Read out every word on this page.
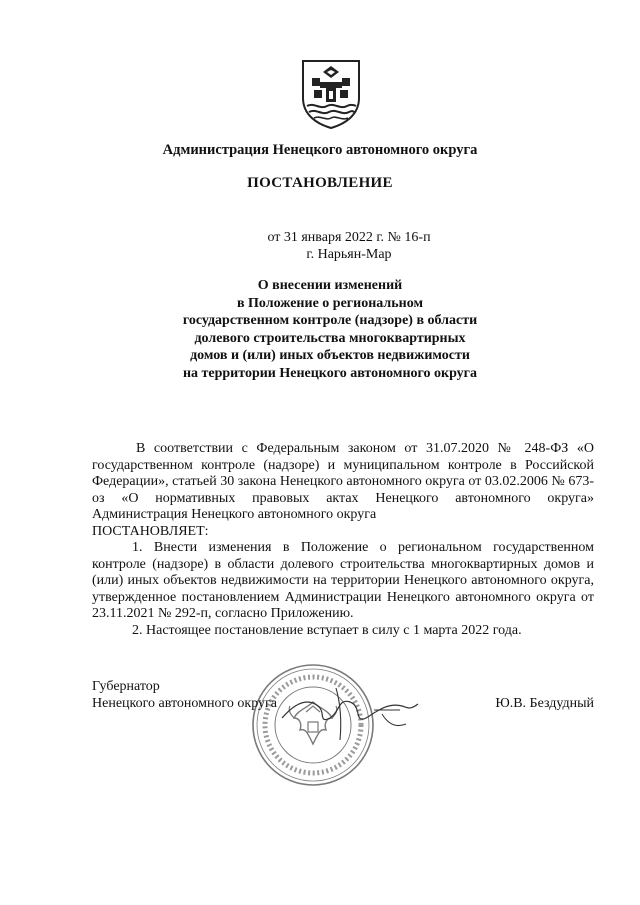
Администрация Ненецкого автономного округа
ПОСТАНОВЛЕНИЕ
от 31 января 2022 г. № 16-п
г. Нарьян-Мар
О внесении изменений
в Положение о региональном
государственном контроле (надзоре) в области
долевого строительства многоквартирных
домов и (или) иных объектов недвижимости
на территории Ненецкого автономного округа

В соответствии с Федеральным законом от 31.07.2020 № 248-ФЗ «О государственном контроле (надзоре) и муниципальном контроле в Российской Федерации», статьей 30 закона Ненецкого автономного округа от 03.02.2006 № 673-оз «О нормативных правовых актах Ненецкого автономного округа» Администрация Ненецкого автономного округа

ПОСТАНОВЛЯЕТ:

1. Внести изменения в Положение о региональном государственном контроле (надзоре) в области долевого строительства многоквартирных домов и (или) иных объектов недвижимости на территории Ненецкого автономного округа, утвержденное постановлением Администрации Ненецкого автономного округа от 23.11.2021 № 292-п, согласно Приложению.

2. Настоящее постановление вступает в силу с 1 марта 2022 года.

Губернатор
Ненецкого автономного округа	Ю.В. Бездудный
